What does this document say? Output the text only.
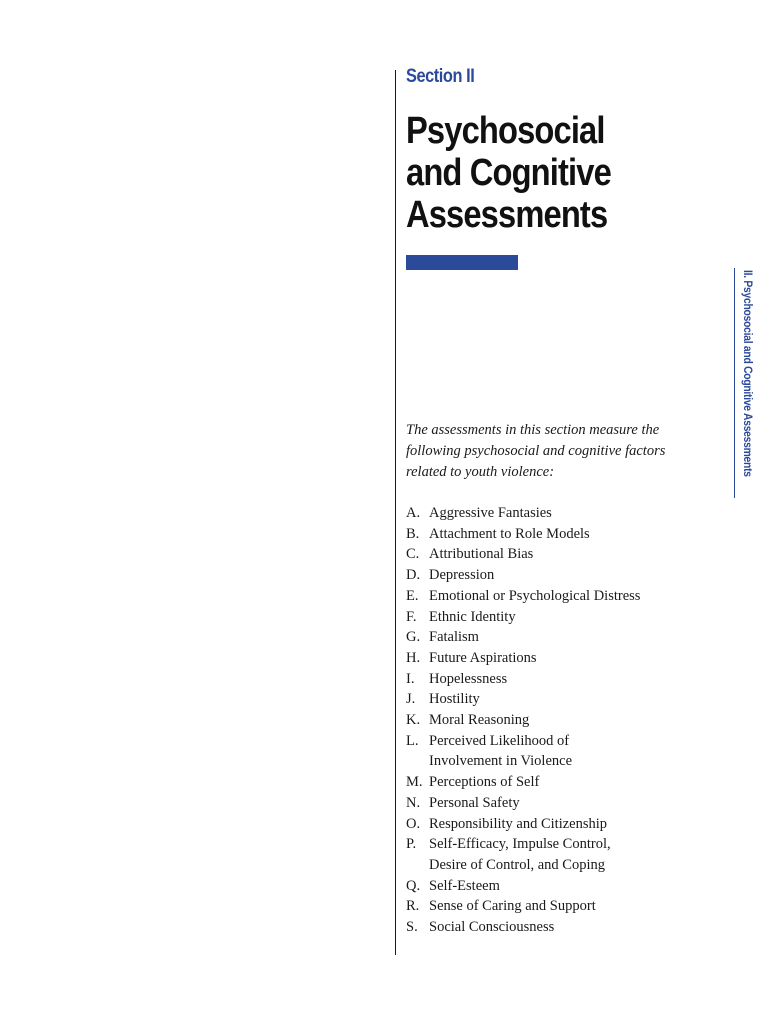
Section II
Psychosocial
and Cognitive
Assessments

The assessments in this section measure the following psychosocial and cognitive factors related to youth violence:

A. Aggressive Fantasies
B. Attachment to Role Models
C. Attributional Bias
D. Depression
E. Emotional or Psychological Distress
F. Ethnic Identity
G. Fatalism
H. Future Aspirations
I.	Hopelessness
J. Hostility
K. Moral Reasoning
L. Perceived Likelihood of
Involvement in Violence
M. Perceptions of Self
N. Personal Safety
O. Responsibility and Citizenship
P. Self-Efficacy, Impulse Control,
Desire of Control, and Coping
Q. Self-Esteem
R. Sense of Caring and Support
S. Social Consciousness
II. Psychosocial and Cognitive Assessments
